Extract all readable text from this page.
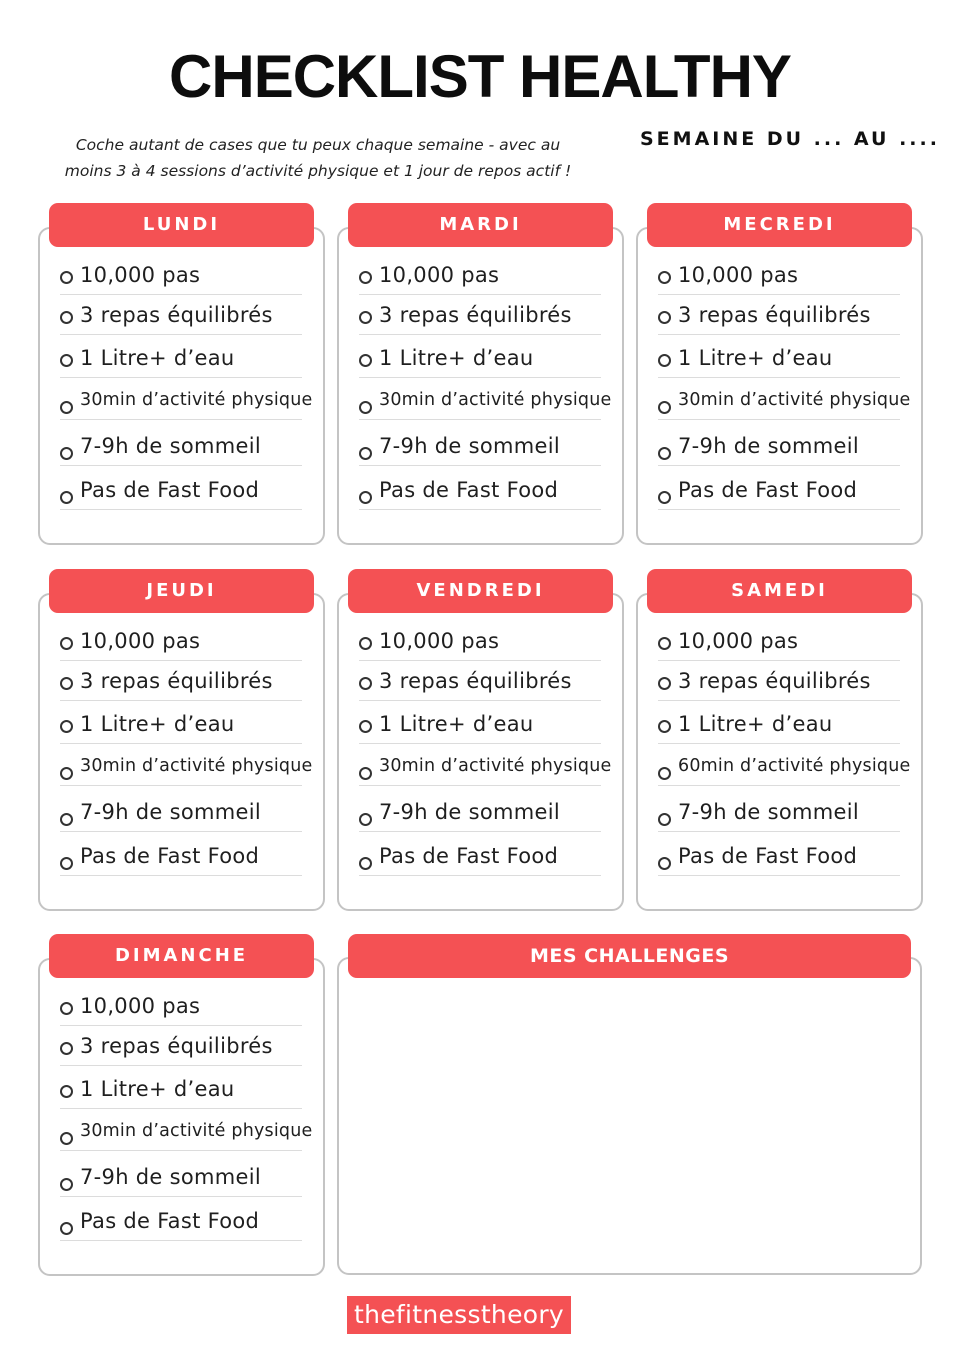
CHECKLIST HEALTHY
Coche autant de cases que tu peux chaque semaine - avec au
moins 3 à 4 sessions d’activité physique et 1 jour de repos actif !
SEMAINE DU ... AU ....
LUNDI
10,000 pas
3 repas équilibrés
1 Litre+ d’eau
30min d’activité physique
7-9h de sommeil
Pas de Fast Food
MARDI
10,000 pas
3 repas équilibrés
1 Litre+ d’eau
30min d’activité physique
7-9h de sommeil
Pas de Fast Food
MECREDI
10,000 pas
3 repas équilibrés
1 Litre+ d’eau
30min d’activité physique
7-9h de sommeil
Pas de Fast Food
JEUDI
10,000 pas
3 repas équilibrés
1 Litre+ d’eau
30min d’activité physique
7-9h de sommeil
Pas de Fast Food
VENDREDI
10,000 pas
3 repas équilibrés
1 Litre+ d’eau
30min d’activité physique
7-9h de sommeil
Pas de Fast Food
SAMEDI
10,000 pas
3 repas équilibrés
1 Litre+ d’eau
60min d’activité physique
7-9h de sommeil
Pas de Fast Food
DIMANCHE
10,000 pas
3 repas équilibrés
1 Litre+ d’eau
30min d’activité physique
7-9h de sommeil
Pas de Fast Food
MES CHALLENGES
thefitnesstheory
